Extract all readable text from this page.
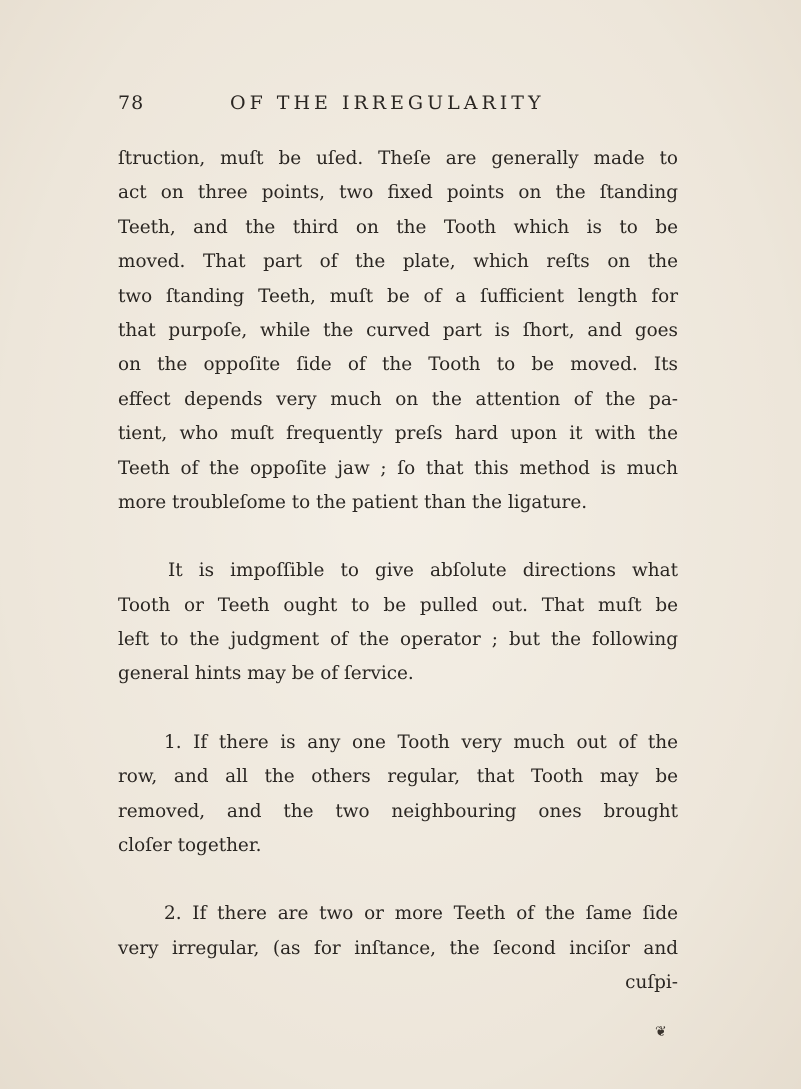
78	OF THE IRREGULARITY
ſtruction, muſt be uſed. Theſe are generally made to
act on three points, two fixed points on the ſtanding
Teeth, and the third on the Tooth which is to be
moved. That part of the plate, which reſts on the
two ſtanding Teeth, muſt be of a ſufficient length for
that purpoſe, while the curved part is ſhort, and goes
on the oppoſite ſide of the Tooth to be moved. Its
effect depends very much on the attention of the pa-
tient, who muſt frequently preſs hard upon it with the
Teeth of the oppoſite jaw ; ſo that this method is much
more troubleſome to the patient than the ligature.
It is impoſſible to give abſolute directions what
Tooth or Teeth ought to be pulled out. That muſt be
left to the judgment of the operator ; but the following
general hints may be of ſervice.
1. If there is any one Tooth very much out of the
row, and all the others regular, that Tooth may be
removed, and the two neighbouring ones brought
cloſer together.
2. If there are two or more Teeth of the ſame ſide
very irregular, (as for inſtance, the ſecond inciſor and
cuſpi-
❦
